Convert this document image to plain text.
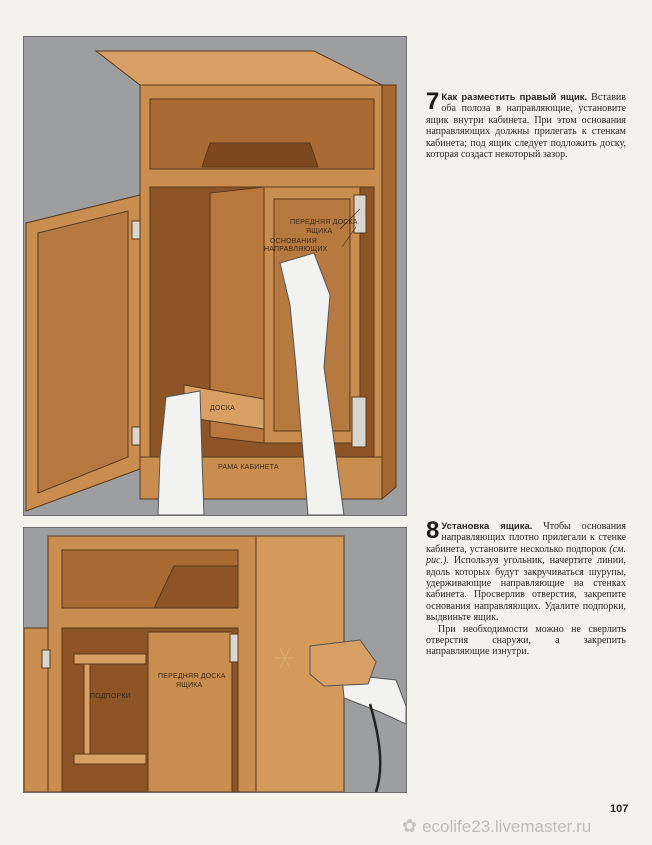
ПЕРЕДНЯЯ ДОСКА
ЯЩИКА
ОСНОВАНИЯ
НАПРАВЛЯЮЩИХ
ДОСКА
РАМА КАБИНЕТА
7 Как разместить правый ящик. Вставив оба полоза в направляющие, установите ящик внутри кабинета. При этом основания направляющих должны прилегать к стенкам кабинета; под ящик следует подложить доску, которая создаст некоторый зазор.

ПОДПОРКИ
ПЕРЕДНЯЯ ДОСКА
ЯЩИКА
8 Установка ящика. Чтобы основания направляющих плотно прилегали к стенке кабинета, установите несколько подпорок (см. рис.). Используя угольник, начертите линии, вдоль которых будут закручиваться шурупы, удерживающие направляющие на стенках кабинета. Просверлив отверстия, закрепите основания направляющих. Удалите подпорки, выдвиньте ящик.

При необходимости можно не сверлить отверстия снаружи, а закрепить направляющие изнутри.

107
✿ ecolife23.livemaster.ru
